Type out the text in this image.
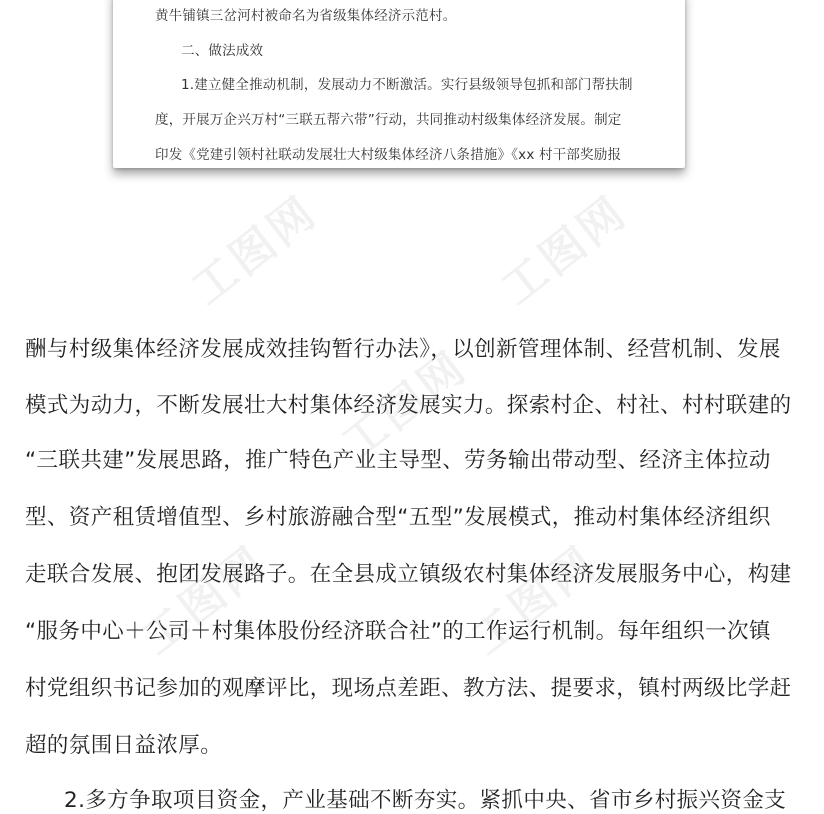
工图网	工图网
工图网
工图网	工图网
黄牛铺镇三岔河村被命名为省级集体经济示范村。
二、做法成效
1.建立健全推动机制，发展动力不断激活。实行县级领导包抓和部门帮扶制
度，开展万企兴万村“三联五帮六带”行动，共同推动村级集体经济发展。制定
印发《党建引领村社联动发展壮大村级集体经济八条措施》《xx 村干部奖励报
酬与村级集体经济发展成效挂钩暂行办法》，以创新管理体制、经营机制、发展
模式为动力，不断发展壮大村集体经济发展实力。探索村企、村社、村村联建的
“三联共建”发展思路，推广特色产业主导型、劳务输出带动型、经济主体拉动
型、资产租赁增值型、乡村旅游融合型“五型”发展模式，推动村集体经济组织
走联合发展、抱团发展路子。在全县成立镇级农村集体经济发展服务中心，构建
“服务中心＋公司＋村集体股份经济联合社”的工作运行机制。每年组织一次镇
村党组织书记参加的观摩评比，现场点差距、教方法、提要求，镇村两级比学赶
超的氛围日益浓厚。
2.多方争取项目资金，产业基础不断夯实。紧抓中央、省市乡村振兴资金支
